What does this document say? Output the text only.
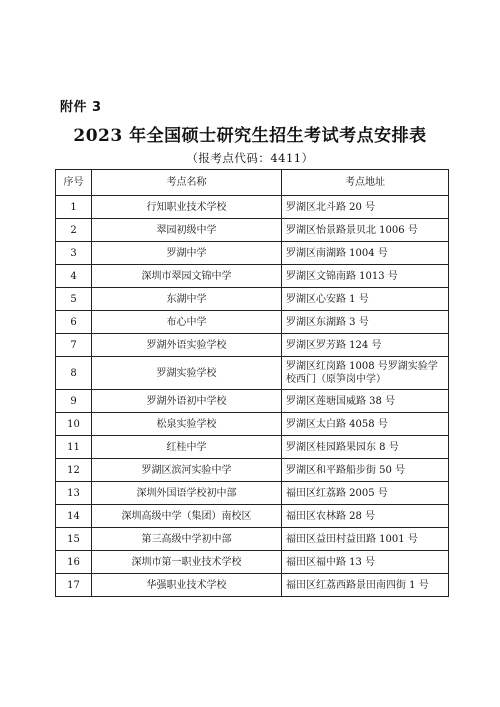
附件 3
2023 年全国硕士研究生招生考试考点安排表
（报考点代码：4411）
序号	考点名称	考点地址
1	行知职业技术学校	罗湖区北斗路 20 号
2	翠园初级中学	罗湖区怡景路景贝北 1006 号
3	罗湖中学	罗湖区南湖路 1004 号
4	深圳市翠园文锦中学	罗湖区文锦南路 1013 号
5	东湖中学	罗湖区心安路 1 号
6	布心中学	罗湖区东湖路 3 号
7	罗湖外语实验学校	罗湖区罗芳路 124 号
8	罗湖实验学校	罗湖区红岗路 1008 号罗湖实验学校西门（原笋岗中学）
9	罗湖外语初中学校	罗湖区莲塘国威路 38 号
10	松泉实验学校	罗湖区太白路 4058 号
11	红桂中学	罗湖区桂园路果园东 8 号
12	罗湖区滨河实验中学	罗湖区和平路船步街 50 号
13	深圳外国语学校初中部	福田区红荔路 2005 号
14	深圳高级中学（集团）南校区	福田区农林路 28 号
15	第三高级中学初中部	福田区益田村益田路 1001 号
16	深圳市第一职业技术学校	福田区福中路 13 号
17	华强职业技术学校	福田区红荔西路景田南四街 1 号
